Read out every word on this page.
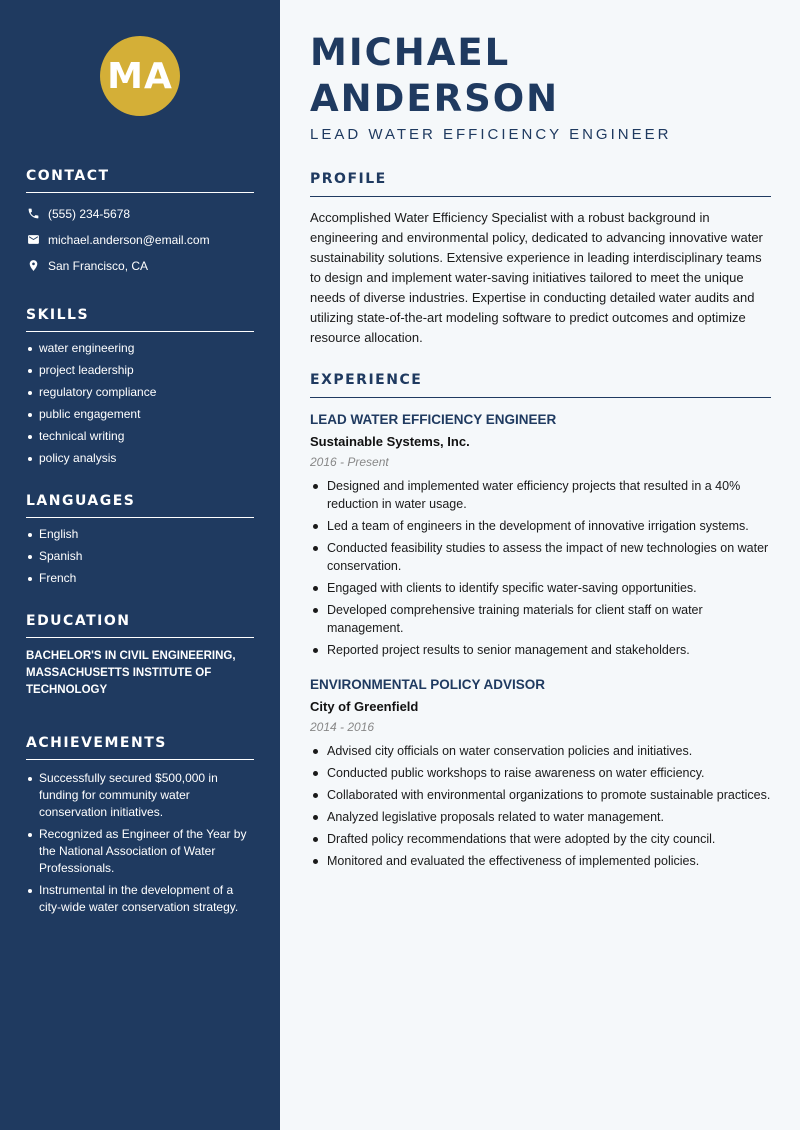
MA
CONTACT
(555) 234-5678
michael.anderson@email.com
San Francisco, CA
SKILLS
water engineering
project leadership
regulatory compliance
public engagement
technical writing
policy analysis
LANGUAGES
English
Spanish
French
EDUCATION

BACHELOR'S IN CIVIL ENGINEERING, MASSACHUSETTS INSTITUTE OF TECHNOLOGY

ACHIEVEMENTS
Successfully secured $500,000 in funding for community water conservation initiatives.
Recognized as Engineer of the Year by the National Association of Water Professionals.
Instrumental in the development of a city-wide water conservation strategy.
MICHAEL ANDERSON
LEAD WATER EFFICIENCY ENGINEER
PROFILE

Accomplished Water Efficiency Specialist with a robust background in engineering and environmental policy, dedicated to advancing innovative water sustainability solutions. Extensive experience in leading interdisciplinary teams to design and implement water-saving initiatives tailored to meet the unique needs of diverse industries. Expertise in conducting detailed water audits and utilizing state-of-the-art modeling software to predict outcomes and optimize resource allocation.

EXPERIENCE
LEAD WATER EFFICIENCY ENGINEER
Sustainable Systems, Inc.
2016 - Present
Designed and implemented water efficiency projects that resulted in a 40% reduction in water usage.
Led a team of engineers in the development of innovative irrigation systems.
Conducted feasibility studies to assess the impact of new technologies on water conservation.
Engaged with clients to identify specific water-saving opportunities.
Developed comprehensive training materials for client staff on water management.
Reported project results to senior management and stakeholders.
ENVIRONMENTAL POLICY ADVISOR
City of Greenfield
2014 - 2016
Advised city officials on water conservation policies and initiatives.
Conducted public workshops to raise awareness on water efficiency.
Collaborated with environmental organizations to promote sustainable practices.
Analyzed legislative proposals related to water management.
Drafted policy recommendations that were adopted by the city council.
Monitored and evaluated the effectiveness of implemented policies.
